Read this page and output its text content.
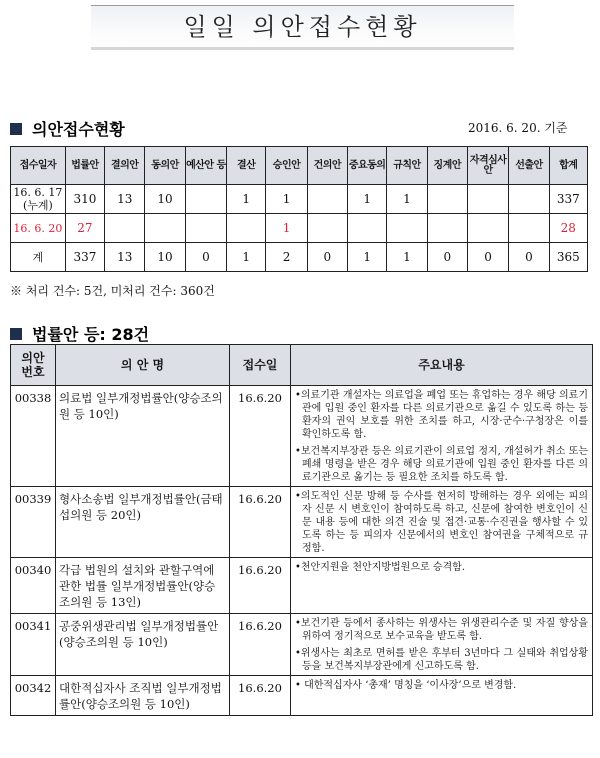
일일 의안접수현황
의안접수현황	2016. 6. 20. 기준
접수일자	법률안	결의안	동의안	예산안 등	결산	승인안	건의안	중요동의	규칙안	징계안	자격심사안	선출안	합계

16. 6. 17
(누계)	310	13	10		1	1		1	1				337

16. 6. 20	27					1							28

계	337	13	10	0	1	2	0	1	1	0	0	0	365
※ 처리 건수: 5건, 미처리 건수: 360건
법률안 등: 28건
의안
번호	의 안 명	접수일	주요내용
00338	의료법 일부개정법률안(양승조의원 등 10인)	16.6.20	•의료기관 개설자는 의료업을 폐업 또는 휴업하는 경우 해당 의료기관에 입원 중인 환자를 다른 의료기관으로 옮길 수 있도록 하는 등 환자의 권익 보호를 위한 조치를 하고, 시장·군수·구청장은 이를 확인하도록 함.
•보건복지부장관 등은 의료기관이 의료업 정지, 개설허가 취소 또는 폐쇄 명령을 받은 경우 해당 의료기관에 입원 중인 환자를 다른 의료기관으로 옮기는 등 필요한 조치를 하도록 함.

00339	형사소송법 일부개정법률안(금태섭의원 등 20인)	16.6.20	•의도적인 신문 방해 등 수사를 현저히 방해하는 경우 외에는 피의자 신문 시 변호인이 참여하도록 하고, 신문에 참여한 변호인이 신문 내용 등에 대한 의견 진술 및 접견·교통·수진권을 행사할 수 있도록 하는 등 피의자 신문에서의 변호인 참여권을 구체적으로 규정함.

00340	각급 법원의 설치와 관할구역에 관한 법률 일부개정법률안(양승조의원 등 13인)	16.6.20	•천안지원을 천안지방법원으로 승격함.

00341	공중위생관리법 일부개정법률안(양승조의원 등 10인)	16.6.20	•보건기관 등에서 종사하는 위생사는 위생관리수준 및 자질 향상을 위하여 정기적으로 보수교육을 받도록 함.
•위생사는 최초로 면허를 받은 후부터 3년마다 그 실태와 취업상황 등을 보건복지부장관에게 신고하도록 함.

00342	대한적십자사 조직법 일부개정법률안(양승조의원 등 10인)	16.6.20	• 대한적십자사 ‘총재’ 명칭을 ‘이사장’으로 변경함.
